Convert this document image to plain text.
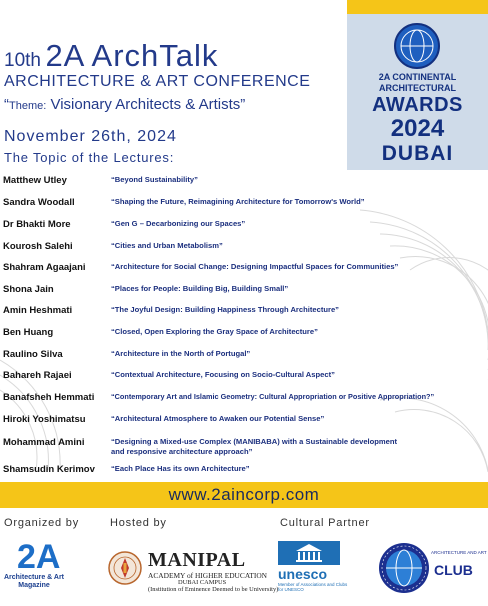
2A CONTINENTAL
ARCHITECTURAL
AWARDS
2024
DUBAI
10th 2A ArchTalk
ARCHITECTURE & ART CONFERENCE
“Theme: Visionary Architects & Artists”
November 26th, 2024
The Topic of the Lectures:
Matthew Utley	“Beyond Sustainability”
Sandra Woodall	“Shaping the Future, Reimagining Architecture for Tomorrow's World”
Dr Bhakti More	“Gen G – Decarbonizing our Spaces”
Kourosh Salehi	“Cities and Urban Metabolism”
Shahram Agaajani	“Architecture for Social Change: Designing Impactful Spaces for Communities”
Shona Jain	“Places for People: Building Big, Building Small”
Amin Heshmati	“The Joyful Design: Building Happiness Through Architecture”
Ben Huang	“Closed, Open Exploring the Gray Space of Architecture”
Raulino Silva	“Architecture in the North of Portugal”
Bahareh Rajaei	“Contextual Architecture, Focusing on Socio-Cultural Aspect”
Banafsheh Hemmati “Contemporary Art and Islamic Geometry: Cultural Appropriation or Positive Appropriation?”
Hiroki Yoshimatsu	“Architectural Atmosphere to Awaken our Potential Sense”
Mohammad Amini	“Designing a Mixed-use Complex (MANIBABA) with a Sustainable development
and responsive architecture approach”
Shamsudin Kerimov “Each Place Has its own Architecture”
www.2aincorp.com
Organized by	Hosted by	Cultural Partner
2A
Architecture & Art Magazine
MANIPAL
ACADEMY of HIGHER EDUCATION
DUBAI CAMPUS
(Institution of Eminence Deemed to be University)
unesco
Member of Associations and Clubs for UNESCO
ARCHITECTURE AND ART
CLUB
